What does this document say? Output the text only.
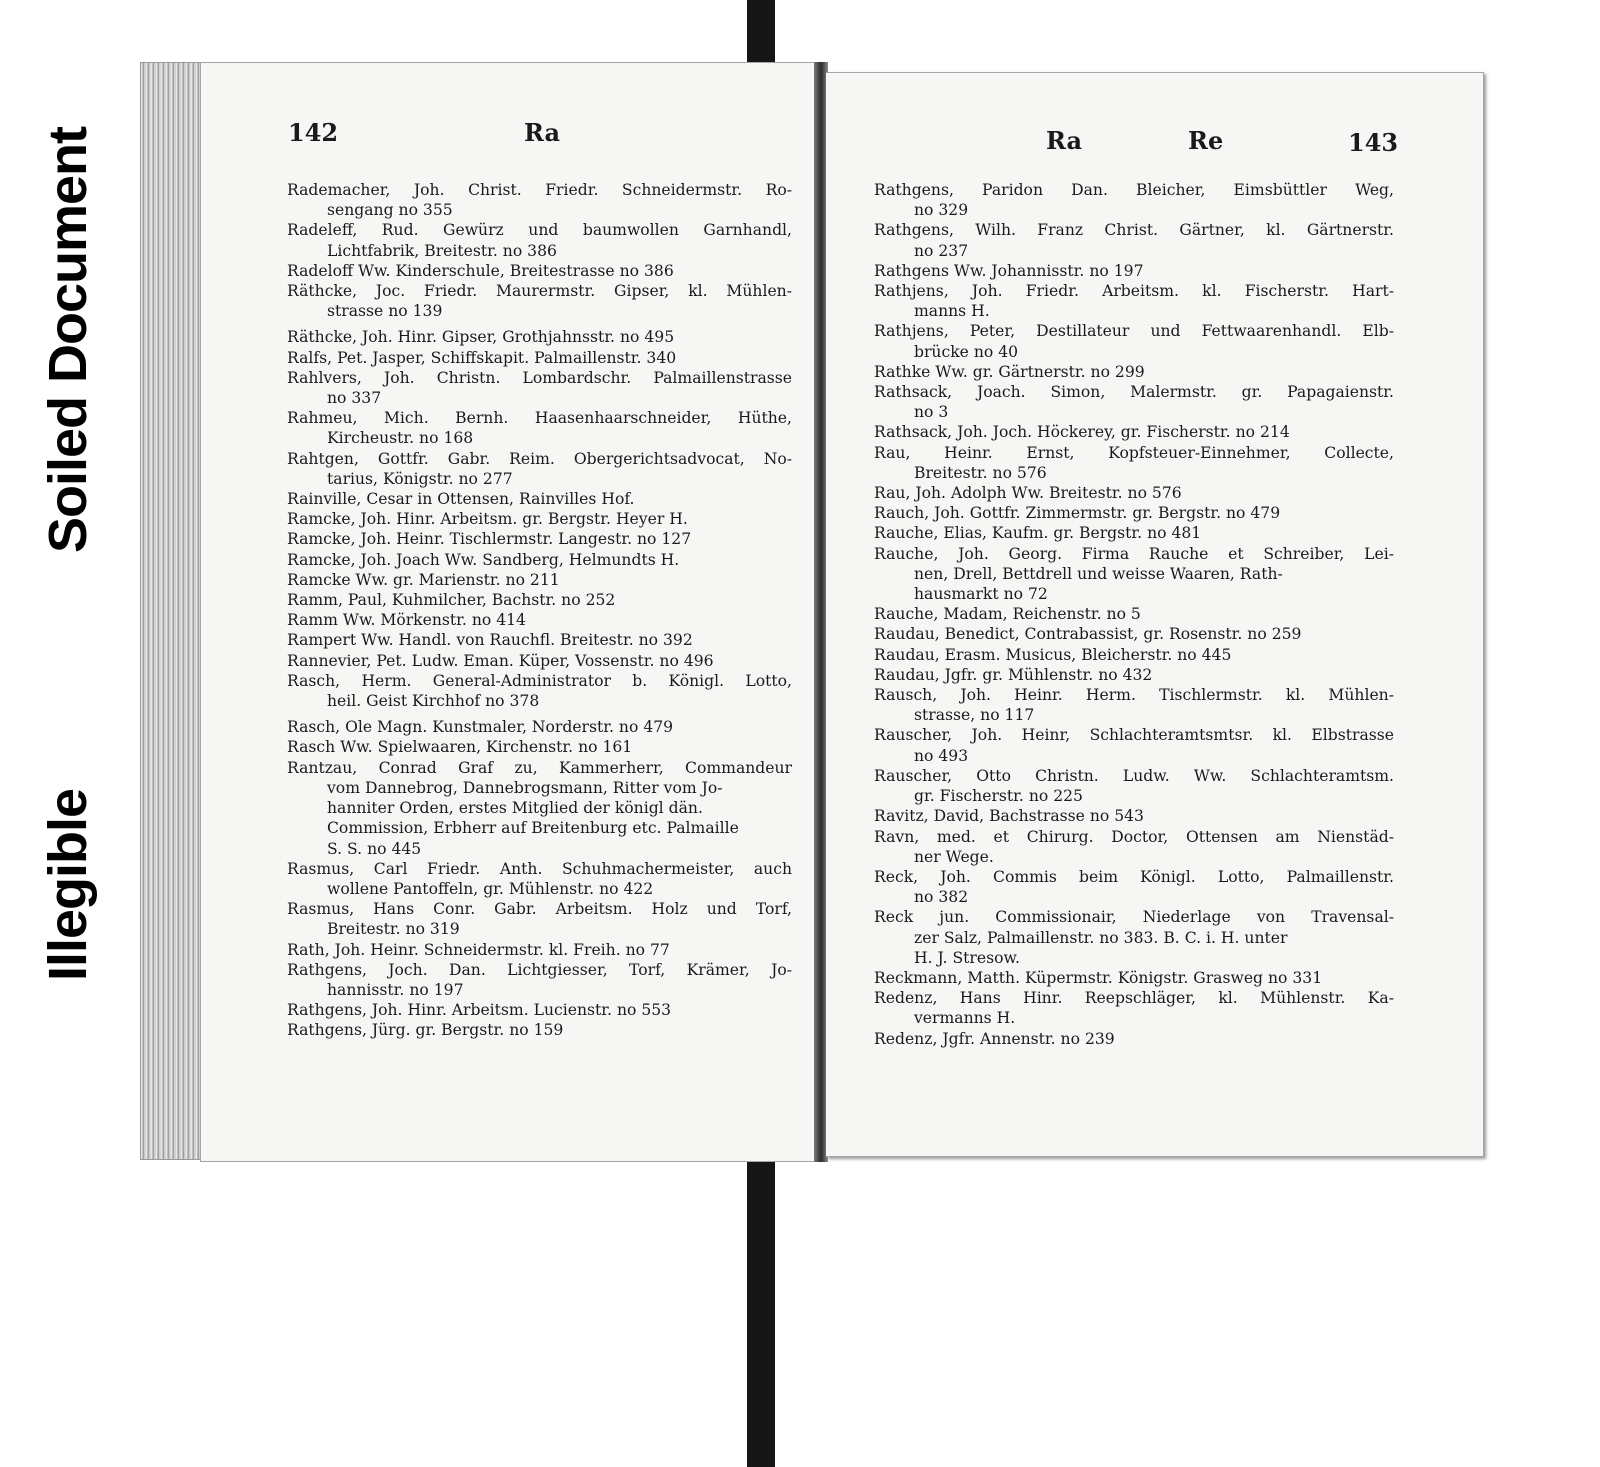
Soiled Document
Illegible
142	Ra	Ra	Re	143
Rademacher, Joh. Christ. Friedr. Schneidermstr. Ro-
sengang no 355
Radeleff, Rud. Gewürz und baumwollen Garnhandl,
Lichtfabrik, Breitestr. no 386
Radeloff Ww. Kinderschule, Breitestrasse no 386
Räthcke, Joc. Friedr. Maurermstr. Gipser, kl. Mühlen-
strasse no 139
Räthcke, Joh. Hinr. Gipser, Grothjahnsstr. no 495
Ralfs, Pet. Jasper, Schiffskapit. Palmaillenstr. 340
Rahlvers, Joh. Christn. Lombardschr. Palmaillenstrasse
no 337
Rahmeu, Mich. Bernh. Haasenhaarschneider, Hüthe,
Kircheustr. no 168
Rahtgen, Gottfr. Gabr. Reim. Obergerichtsadvocat, No-
tarius, Königstr. no 277
Rainville, Cesar in Ottensen, Rainvilles Hof.
Ramcke, Joh. Hinr. Arbeitsm. gr. Bergstr. Heyer H.
Ramcke, Joh. Heinr. Tischlermstr. Langestr. no 127
Ramcke, Joh. Joach Ww. Sandberg, Helmundts H.
Ramcke Ww. gr. Marienstr. no 211
Ramm, Paul, Kuhmilcher, Bachstr. no 252
Ramm Ww. Mörkenstr. no 414
Rampert Ww. Handl. von Rauchfl. Breitestr. no 392
Rannevier, Pet. Ludw. Eman. Küper, Vossenstr. no 496
Rasch, Herm. General-Administrator b. Königl. Lotto,
heil. Geist Kirchhof no 378
Rasch, Ole Magn. Kunstmaler, Norderstr. no 479
Rasch Ww. Spielwaaren, Kirchenstr. no 161
Rantzau, Conrad Graf zu, Kammerherr, Commandeur
vom Dannebrog, Dannebrogsmann, Ritter vom Jo-
hanniter Orden, erstes Mitglied der königl dän.
Commission, Erbherr auf Breitenburg etc. Palmaille
S. S. no 445
Rasmus, Carl Friedr. Anth. Schuhmachermeister, auch
wollene Pantoffeln, gr. Mühlenstr. no 422
Rasmus, Hans Conr. Gabr. Arbeitsm. Holz und Torf,
Breitestr. no 319
Rath, Joh. Heinr. Schneidermstr. kl. Freih. no 77
Rathgens, Joch. Dan. Lichtgiesser, Torf, Krämer, Jo-
hannisstr. no 197
Rathgens, Joh. Hinr. Arbeitsm. Lucienstr. no 553
Rathgens, Jürg. gr. Bergstr. no 159
Rathgens, Paridon Dan. Bleicher, Eimsbüttler Weg,
no 329
Rathgens, Wilh. Franz Christ. Gärtner, kl. Gärtnerstr.
no 237
Rathgens Ww. Johannisstr. no 197
Rathjens, Joh. Friedr. Arbeitsm. kl. Fischerstr. Hart-
manns H.
Rathjens, Peter, Destillateur und Fettwaarenhandl. Elb-
brücke no 40
Rathke Ww. gr. Gärtnerstr. no 299
Rathsack, Joach. Simon, Malermstr. gr. Papagaienstr.
no 3
Rathsack, Joh. Joch. Höckerey, gr. Fischerstr. no 214
Rau, Heinr. Ernst, Kopfsteuer-Einnehmer, Collecte,
Breitestr. no 576
Rau, Joh. Adolph Ww. Breitestr. no 576
Rauch, Joh. Gottfr. Zimmermstr. gr. Bergstr. no 479
Rauche, Elias, Kaufm. gr. Bergstr. no 481
Rauche, Joh. Georg. Firma Rauche et Schreiber, Lei-
nen, Drell, Bettdrell und weisse Waaren, Rath-
hausmarkt no 72
Rauche, Madam, Reichenstr. no 5
Raudau, Benedict, Contrabassist, gr. Rosenstr. no 259
Raudau, Erasm. Musicus, Bleicherstr. no 445
Raudau, Jgfr. gr. Mühlenstr. no 432
Rausch, Joh. Heinr. Herm. Tischlermstr. kl. Mühlen-
strasse, no 117
Rauscher, Joh. Heinr, Schlachteramtsmtsr. kl. Elbstrasse
no 493
Rauscher, Otto Christn. Ludw. Ww. Schlachteramtsm.
gr. Fischerstr. no 225
Ravitz, David, Bachstrasse no 543
Ravn, med. et Chirurg. Doctor, Ottensen am Nienstäd-
ner Wege.
Reck, Joh. Commis beim Königl. Lotto, Palmaillenstr.
no 382
Reck jun. Commissionair, Niederlage von Travensal-
zer Salz, Palmaillenstr. no 383. B. C. i. H. unter
H. J. Stresow.
Reckmann, Matth. Küpermstr. Königstr. Grasweg no 331
Redenz, Hans Hinr. Reepschläger, kl. Mühlenstr. Ka-
vermanns H.
Redenz, Jgfr. Annenstr. no 239
